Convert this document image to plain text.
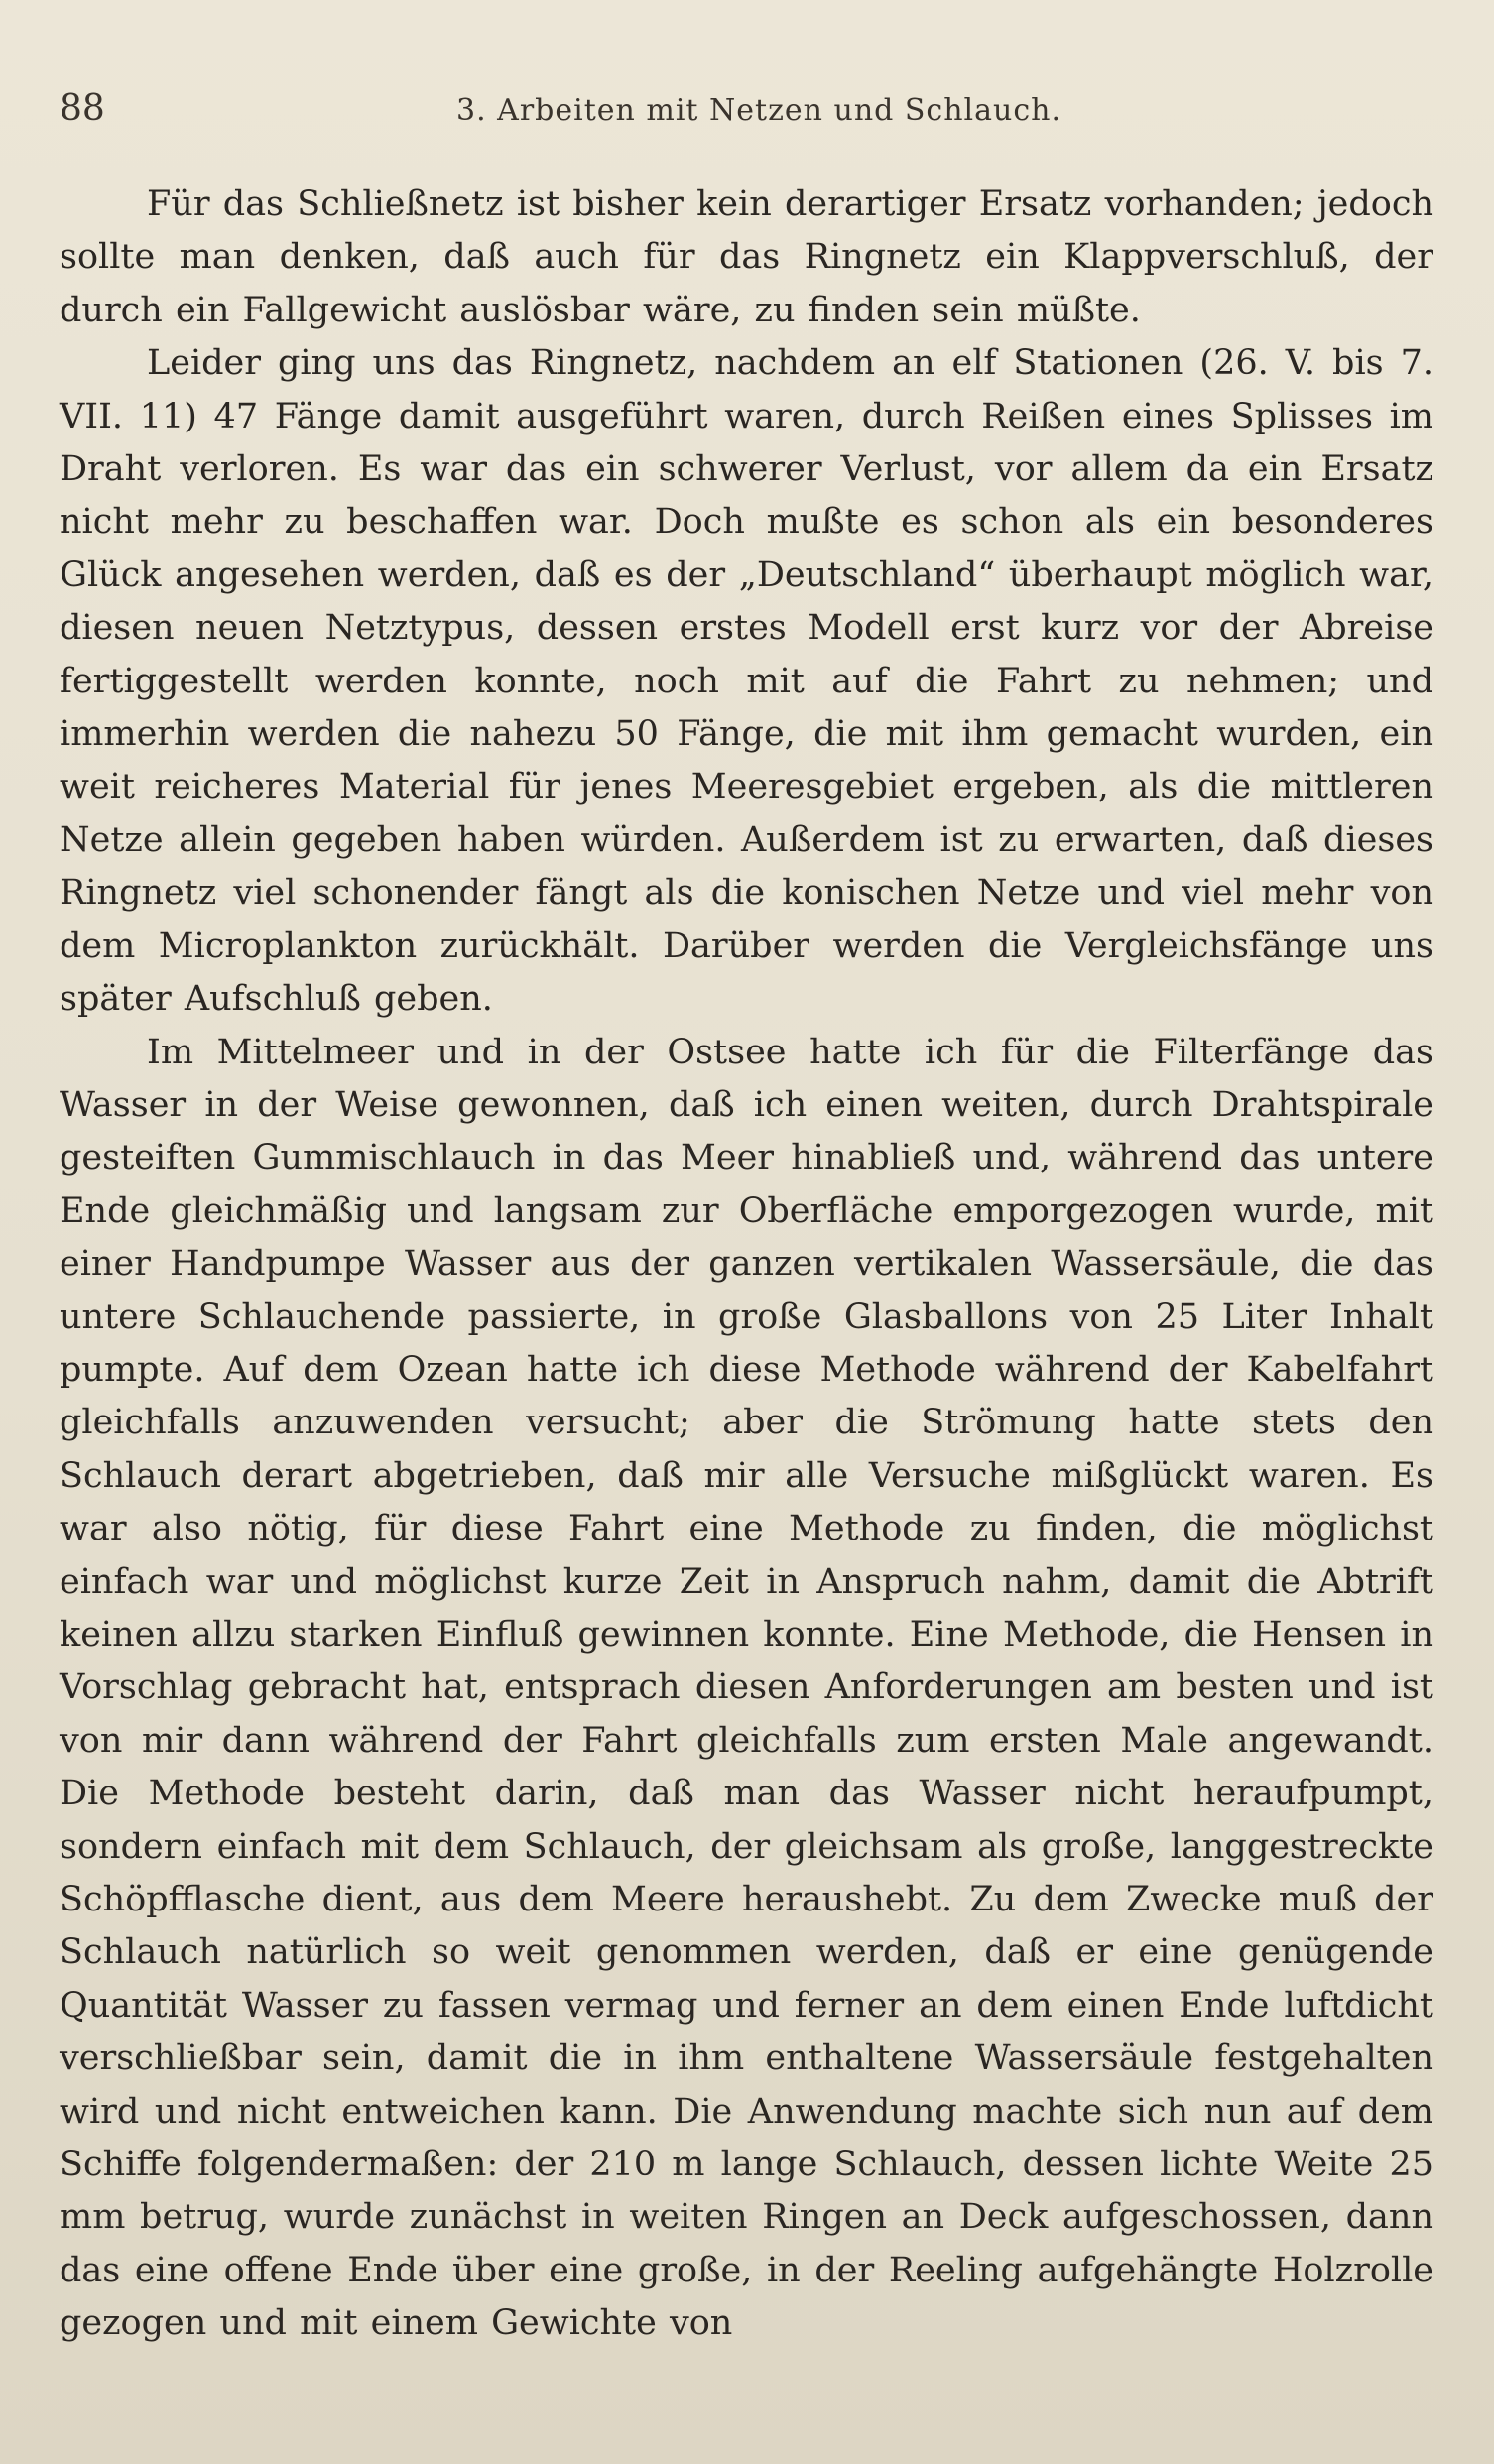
88	3. Arbeiten mit Netzen und Schlauch.

Für das Schließnetz ist bisher kein derartiger Ersatz vorhanden; jedoch sollte man denken, daß auch für das Ringnetz ein Klappverschluß, der durch ein Fallgewicht auslösbar wäre, zu finden sein müßte.

Leider ging uns das Ringnetz, nachdem an elf Stationen (26. V. bis 7. VII. 11) 47 Fänge damit ausgeführt waren, durch Reißen eines Splisses im Draht verloren. Es war das ein schwerer Verlust, vor allem da ein Ersatz nicht mehr zu beschaffen war. Doch mußte es schon als ein besonderes Glück angesehen werden, daß es der „Deutschland“ überhaupt möglich war, diesen neuen Netztypus, dessen erstes Modell erst kurz vor der Abreise fertiggestellt werden konnte, noch mit auf die Fahrt zu nehmen; und immerhin werden die nahezu 50 Fänge, die mit ihm gemacht wurden, ein weit reicheres Material für jenes Meeresgebiet ergeben, als die mittleren Netze allein gegeben haben würden. Außerdem ist zu erwarten, daß dieses Ringnetz viel schonender fängt als die konischen Netze und viel mehr von dem Microplankton zurückhält. Darüber werden die Vergleichsfänge uns später Aufschluß geben.

Im Mittelmeer und in der Ostsee hatte ich für die Filterfänge das Wasser in der Weise gewonnen, daß ich einen weiten, durch Drahtspirale gesteiften Gummischlauch in das Meer hinabließ und, während das untere Ende gleichmäßig und langsam zur Oberfläche emporgezogen wurde, mit einer Handpumpe Wasser aus der ganzen vertikalen Wassersäule, die das untere Schlauchende passierte, in große Glasballons von 25 Liter Inhalt pumpte. Auf dem Ozean hatte ich diese Methode während der Kabelfahrt gleichfalls anzuwenden versucht; aber die Strömung hatte stets den Schlauch derart abgetrieben, daß mir alle Versuche mißglückt waren. Es war also nötig, für diese Fahrt eine Methode zu finden, die möglichst einfach war und möglichst kurze Zeit in Anspruch nahm, damit die Abtrift keinen allzu starken Einfluß gewinnen konnte. Eine Methode, die Hensen in Vorschlag gebracht hat, entsprach diesen Anforderungen am besten und ist von mir dann während der Fahrt gleichfalls zum ersten Male angewandt. Die Methode besteht darin, daß man das Wasser nicht heraufpumpt, sondern einfach mit dem Schlauch, der gleichsam als große, langgestreckte Schöpfflasche dient, aus dem Meere heraushebt. Zu dem Zwecke muß der Schlauch natürlich so weit genommen werden, daß er eine genügende Quantität Wasser zu fassen vermag und ferner an dem einen Ende luftdicht verschließbar sein, damit die in ihm enthaltene Wassersäule festgehalten wird und nicht entweichen kann. Die Anwendung machte sich nun auf dem Schiffe folgendermaßen: der 210 m lange Schlauch, dessen lichte Weite 25 mm betrug, wurde zunächst in weiten Ringen an Deck aufgeschossen, dann das eine offene Ende über eine große, in der Reeling aufgehängte Holzrolle gezogen und mit einem Gewichte von
